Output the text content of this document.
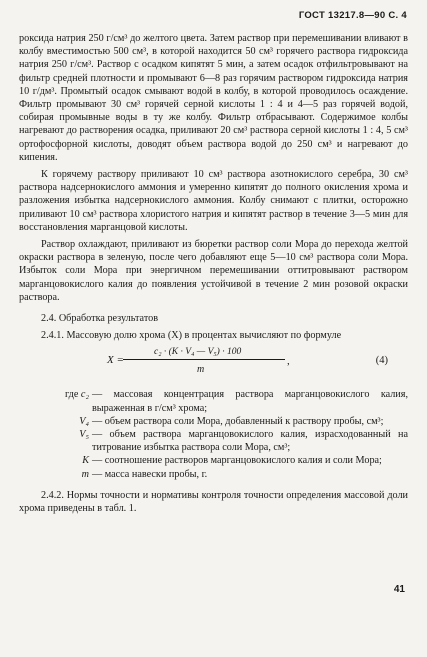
ГОСТ 13217.8—90 С. 4

роксида натрия 250 г/см³ до желтого цвета. Затем раствор при перемешивании вливают в колбу вместимостью 500 см³, в которой находится 50 см³ горячего раствора гидроксида натрия 250 г/см³. Раствор с осадком кипятят 5 мин, а затем осадок отфильтровывают на фильтр средней плотности и промывают 6—8 раз горячим раствором гидроксида натрия 10 г/дм³. Промытый осадок смывают водой в колбу, в которой проводилось осаждение. Фильтр промывают 30 см³ горячей серной кислоты 1 : 4 и 4—5 раз горячей водой, собирая промывные воды в ту же колбу. Фильтр отбрасывают. Содержимое колбы нагревают до растворения осадка, приливают 20 см³ раствора серной кислоты 1 : 4, 5 см³ ортофосфорной кислоты, доводят объем раствора водой до 250 см³ и нагревают до кипения.

К горячему раствору приливают 10 см³ раствора азотнокислого серебра, 30 см³ раствора надсернокислого аммония и умеренно кипятят до полного окисления хрома и разложения избытка надсернокислого аммония. Колбу снимают с плитки, осторожно приливают 10 см³ раствора хлористого натрия и кипятят раствор в течение 3—5 мин для восстановления марганцовой кислоты.

Раствор охлаждают, приливают из бюретки раствор соли Мора до перехода желтой окраски раствора в зеленую, после чего добавляют еще 5—10 см³ раствора соли Мора. Избыток соли Мора при энергичном перемешивании оттитровывают раствором марганцовокислого калия до появления устойчивой в течение 2 мин розовой окраски раствора.

2.4. Обработка результатов

2.4.1. Массовую долю хрома (X) в процентах вычисляют по формуле

X =
c₂ · (K · V₄ — V₅) · 100
m
,	(4)
где c₂ — массовая концентрация раствора марганцовокислого калия, выраженная в г/см³ хрома;
V₄ — объем раствора соли Мора, добавленный к раствору пробы, см³;
V₅ — объем раствора марганцовокислого калия, израсходованный на титрование избытка раствора соли Мора, см³;
K — соотношение растворов марганцовокислого калия и соли Мора;
m — масса навески пробы, г.

2.4.2. Нормы точности и нормативы контроля точности определения массовой доли хрома приведены в табл. 1.

41
